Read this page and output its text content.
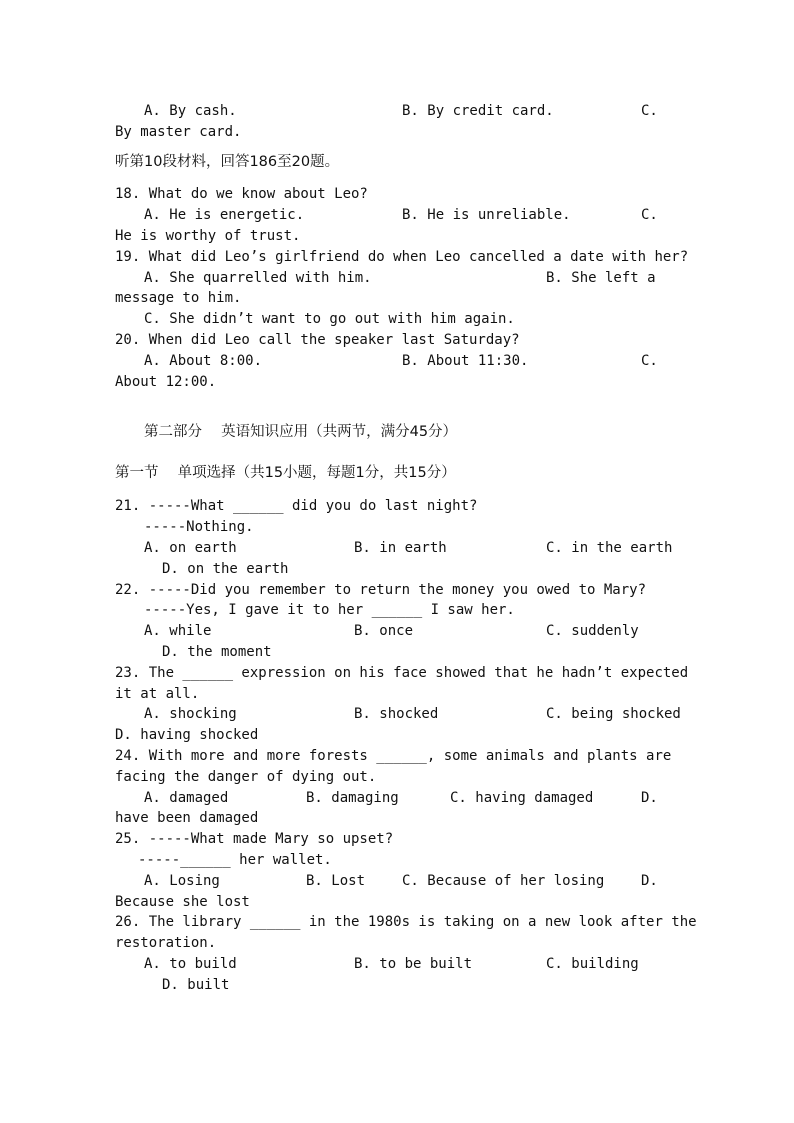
A. By cash.	B. By credit card.	C.
By master card.
听第10段材料，回答186至20题。
18. What do we know about Leo?
A. He is energetic.	B. He is unreliable.	C.
He is worthy of trust.
19. What did Leo’s girlfriend do when Leo cancelled a date with her?
A. She quarrelled with him.	B. She left a
message to him.
C. She didn’t want to go out with him again.
20. When did Leo call the speaker last Saturday?
A. About 8:00.	B. About 11:30.	C.
About 12:00.
第二部分　 英语知识应用（共两节，满分45分）
第一节　 单项选择（共15小题，每题1分，共15分）
21. -----What ______ did you do last night?
-----Nothing.
A. on earth	B. in earth	C. in the earth
D. on the earth
22. -----Did you remember to return the money you owed to Mary?
-----Yes, I gave it to her ______ I saw her.
A. while	B. once	C. suddenly
D. the moment
23. The ______ expression on his face showed that he hadn’t expected
it at all.
A. shocking	B. shocked	C. being shocked
D. having shocked
24. With more and more forests ______, some animals and plants are
facing the danger of dying out.
A. damaged	B. damaging	C. having damaged	D.
have been damaged
25. -----What made Mary so upset?
-----______ her wallet.
A. Losing	B. Lost	C. Because of her losing	D.
Because she lost
26. The library ______ in the 1980s is taking on a new look after the
restoration.
A. to build	B. to be built	C. building
D. built
